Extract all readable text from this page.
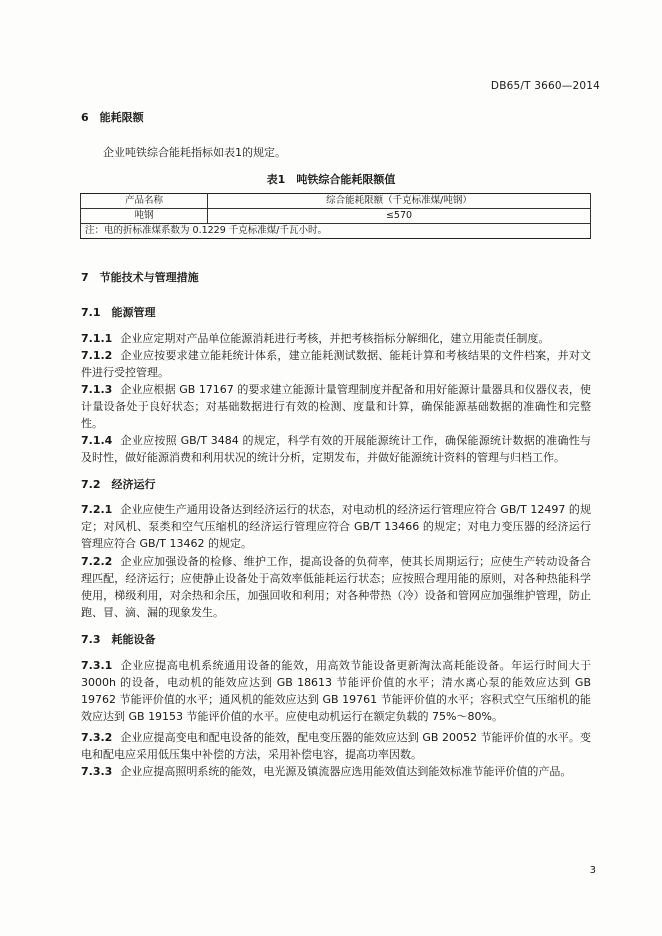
DB65/T 3660—2014
6　能耗限额
企业吨铁综合能耗指标如表1的规定。
表1　吨铁综合能耗限额值
产品名称	综合能耗限额（千克标准煤/吨钢）
吨钢	≤570
注：电的折标准煤系数为 0.1229 千克标准煤/千瓦小时。	
7　节能技术与管理措施
7.1　能源管理
7.1.1 企业应定期对产品单位能源消耗进行考核，并把考核指标分解细化，建立用能责任制度。
7.1.2 企业应按要求建立能耗统计体系，建立能耗测试数据、能耗计算和考核结果的文件档案，并对文件进行受控管理。
7.1.3 企业应根据 GB 17167 的要求建立能源计量管理制度并配备和用好能源计量器具和仪器仪表，使计量设备处于良好状态；对基础数据进行有效的检测、度量和计算，确保能源基础数据的准确性和完整性。
7.1.4 企业应按照 GB/T 3484 的规定，科学有效的开展能源统计工作，确保能源统计数据的准确性与及时性，做好能源消费和利用状况的统计分析，定期发布，并做好能源统计资料的管理与归档工作。
7.2　经济运行
7.2.1 企业应使生产通用设备达到经济运行的状态，对电动机的经济运行管理应符合 GB/T 12497 的规定；对风机、泵类和空气压缩机的经济运行管理应符合 GB/T 13466 的规定；对电力变压器的经济运行管理应符合 GB/T 13462 的规定。
7.2.2 企业应加强设备的检修、维护工作，提高设备的负荷率，使其长周期运行；应使生产转动设备合理匹配，经济运行；应使静止设备处于高效率低能耗运行状态；应按照合理用能的原则，对各种热能科学使用，梯级利用，对余热和余压，加强回收和利用；对各种带热（冷）设备和管网应加强维护管理，防止跑、冒、滴、漏的现象发生。
7.3　耗能设备
7.3.1 企业应提高电机系统通用设备的能效，用高效节能设备更新淘汰高耗能设备。年运行时间大于 3000h 的设备，电动机的能效应达到 GB 18613 节能评价值的水平；清水离心泵的能效应达到 GB 19762 节能评价值的水平；通风机的能效应达到 GB 19761 节能评价值的水平；容积式空气压缩机的能效应达到 GB 19153 节能评价值的水平。应使电动机运行在额定负载的 75%～80%。
7.3.2 企业应提高变电和配电设备的能效，配电变压器的能效应达到 GB 20052 节能评价值的水平。变电和配电应采用低压集中补偿的方法，采用补偿电容，提高功率因数。
7.3.3 企业应提高照明系统的能效，电光源及镇流器应选用能效值达到能效标准节能评价值的产品。
3
